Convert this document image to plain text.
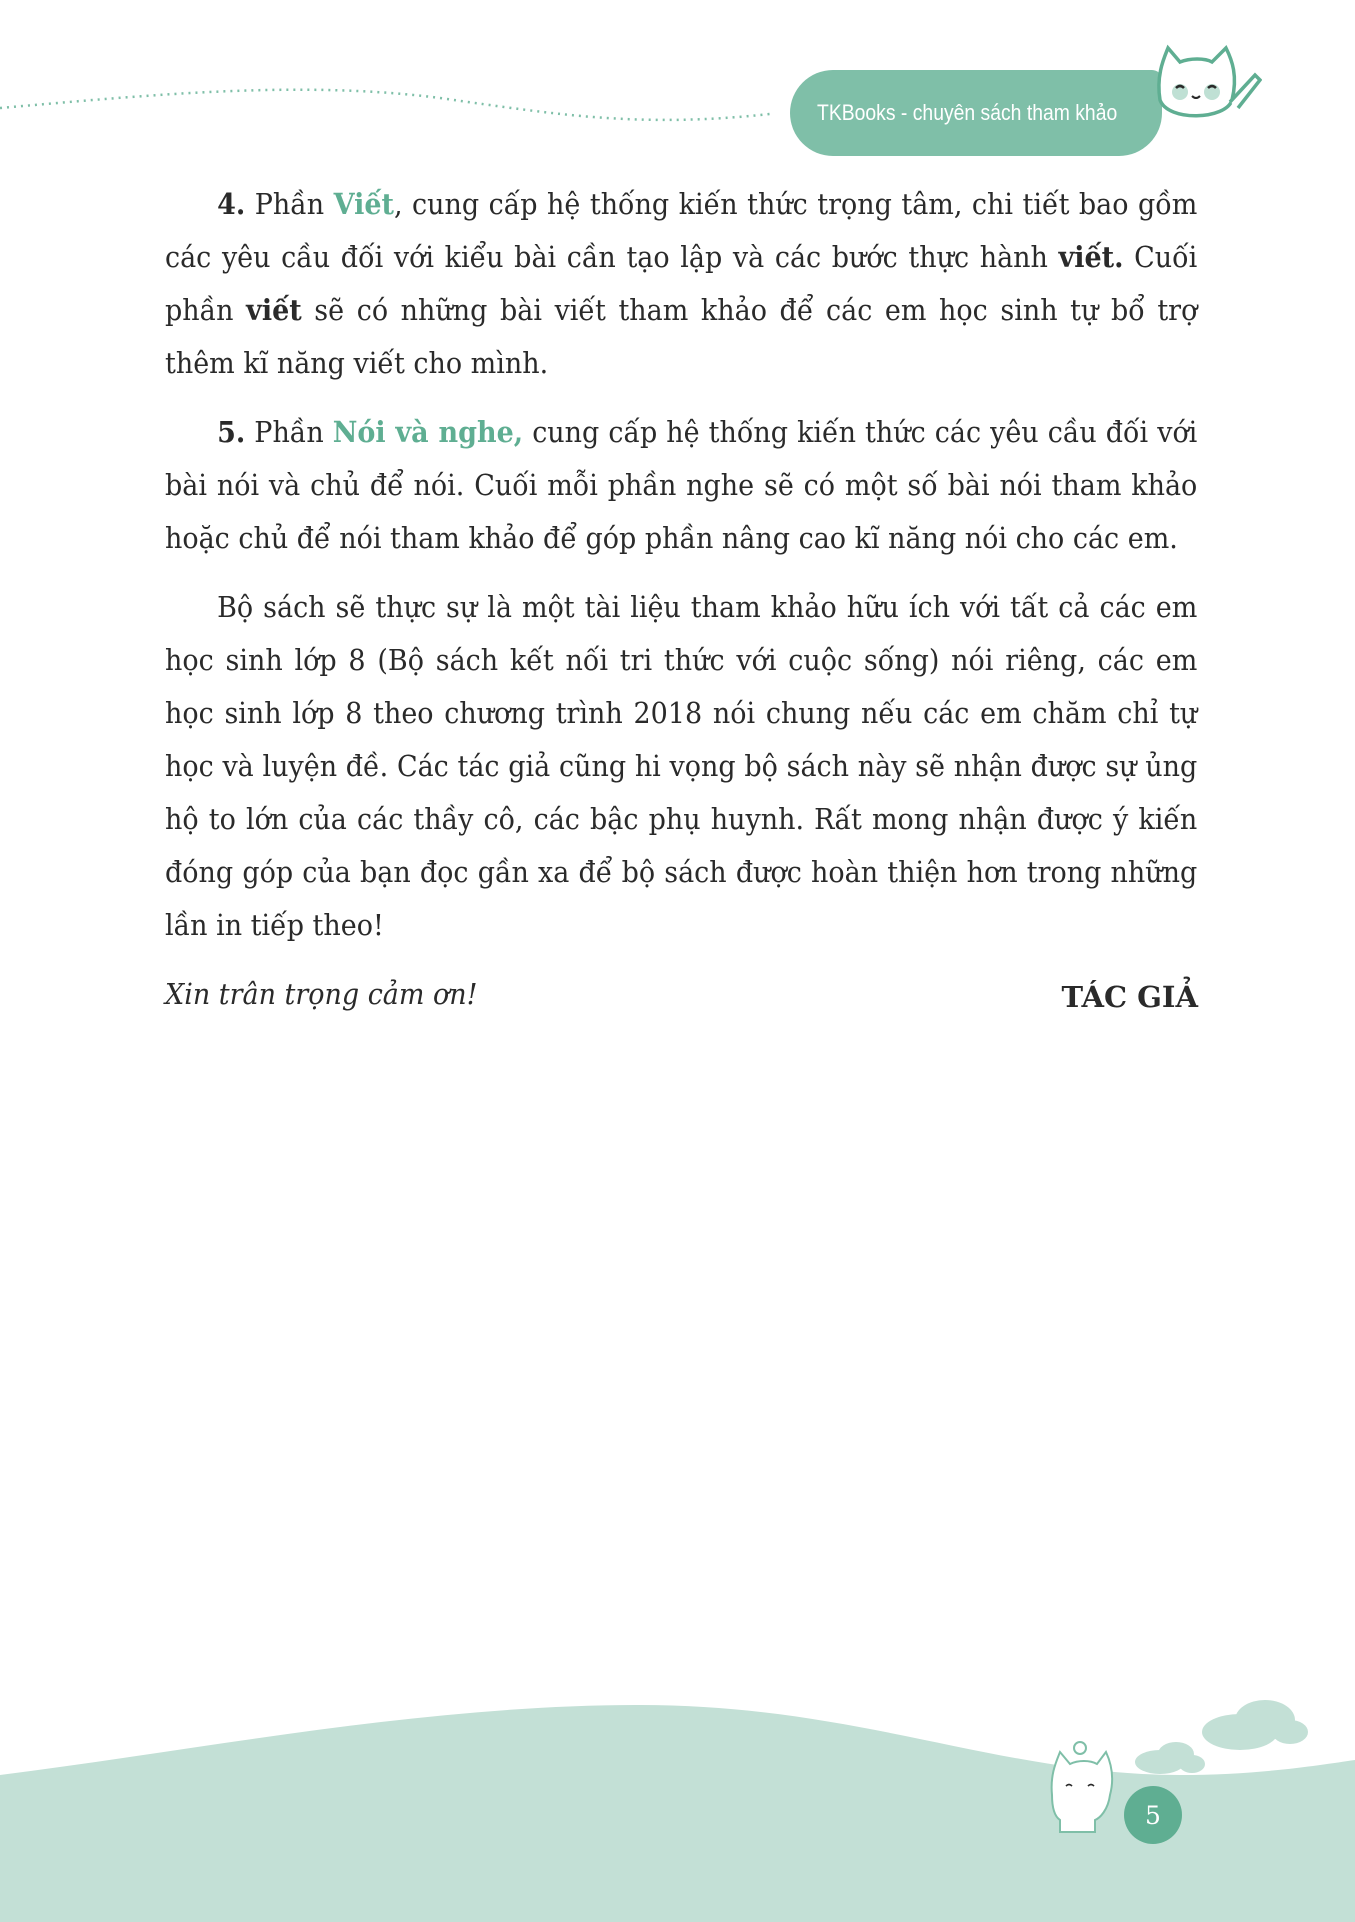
TKBooks - chuyên sách tham khảo

4. Phần Viết, cung cấp hệ thống kiến thức trọng tâm, chi tiết bao gồm các yêu cầu đối với kiểu bài cần tạo lập và các bước thực hành viết. Cuối phần viết sẽ có những bài viết tham khảo để các em học sinh tự bổ trợ thêm kĩ năng viết cho mình.

5. Phần Nói và nghe, cung cấp hệ thống kiến thức các yêu cầu đối với bài nói và chủ để nói. Cuối mỗi phần nghe sẽ có một số bài nói tham khảo hoặc chủ để nói tham khảo để góp phần nâng cao kĩ năng nói cho các em.

Bộ sách sẽ thực sự là một tài liệu tham khảo hữu ích với tất cả các em học sinh lớp 8 (Bộ sách kết nối tri thức với cuộc sống) nói riêng, các em học sinh lớp 8 theo chương trình 2018 nói chung nếu các em chăm chỉ tự học và luyện đề. Các tác giả cũng hi vọng bộ sách này sẽ nhận được sự ủng hộ to lớn của các thầy cô, các bậc phụ huynh. Rất mong nhận được ý kiến đóng góp của bạn đọc gần xa để bộ sách được hoàn thiện hơn trong những lần in tiếp theo!

Xin trân trọng cảm ơn!	TÁC GIẢ
5
